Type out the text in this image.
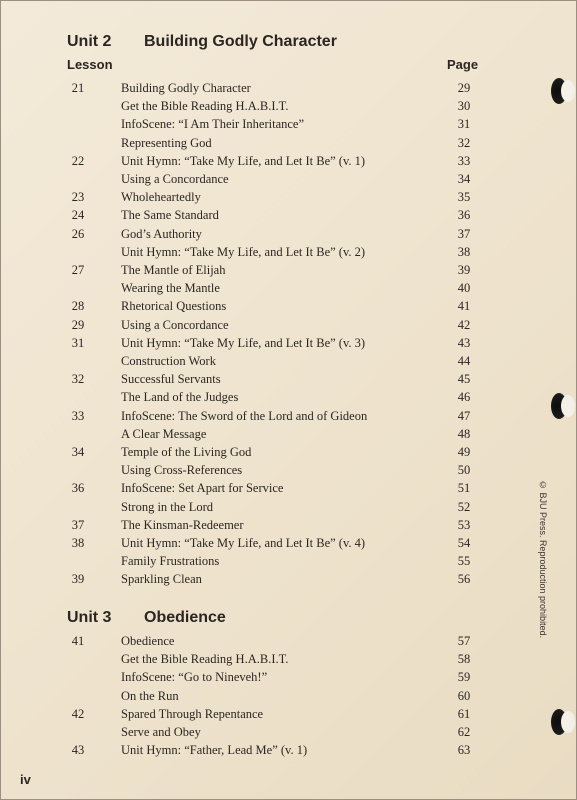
Unit 2 Building Godly Character
Lesson	Page
21	Building Godly Character	29
Get the Bible Reading H.A.B.I.T.	30
InfoScene: “I Am Their Inheritance”	31
Representing God	32
22	Unit Hymn: “Take My Life, and Let It Be” (v. 1)	33
Using a Concordance	34
23	Wholeheartedly	35
24	The Same Standard	36
26	God’s Authority	37
Unit Hymn: “Take My Life, and Let It Be” (v. 2)	38
27	The Mantle of Elijah	39
Wearing the Mantle	40
28	Rhetorical Questions	41
29	Using a Concordance	42
31	Unit Hymn: “Take My Life, and Let It Be” (v. 3)	43
Construction Work	44
32	Successful Servants	45
The Land of the Judges	46
33	InfoScene: The Sword of the Lord and of Gideon	47
A Clear Message	48
34	Temple of the Living God	49
Using Cross-References	50
36	InfoScene: Set Apart for Service	51
Strong in the Lord	52
37	The Kinsman-Redeemer	53
38	Unit Hymn: “Take My Life, and Let It Be” (v. 4)	54
Family Frustrations	55
39	Sparkling Clean	56
Unit 3 Obedience
41	Obedience	57
Get the Bible Reading H.A.B.I.T.	58
InfoScene: “Go to Nineveh!”	59
On the Run	60
42	Spared Through Repentance	61
Serve and Obey	62
43	Unit Hymn: “Father, Lead Me” (v. 1)	63
© BJU Press. Reproduction prohibited.
iv
